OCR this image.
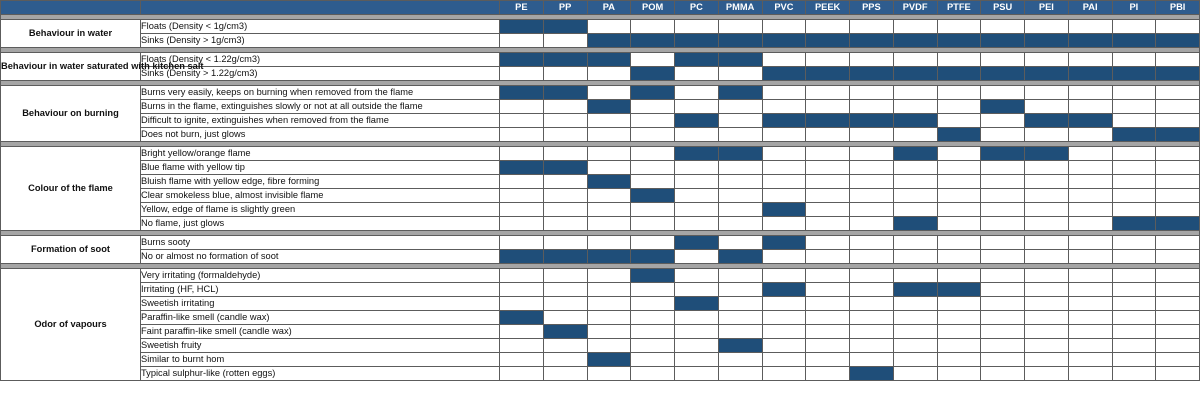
		PE	PP	PA	POM	PC	PMMA	PVC	PEEK	PPS	PVDF	PTFE	PSU	PEI	PAI	PI	PBI

Behaviour in water	Floats (Density < 1g/cm3)																
	Sinks (Density > 1g/cm3)																

Behaviour in water saturated with kitchen salt	Floats (Density < 1.22g/cm3)																
	Sinks (Density > 1.22g/cm3)																

Behaviour on burning	Burns very easily, keeps on burning when removed from the flame																
	Burns in the flame, extinguishes slowly or not at all outside the flame																
	Difficult to ignite, extinguishes when removed from the flame																
	Does not burn, just glows																

Colour of the flame	Bright yellow/orange flame																
	Blue flame with yellow tip																
	Bluish flame with yellow edge, fibre forming																
	Clear smokeless blue, almost invisible flame																
	Yellow, edge of flame is slightly green																
	No flame, just glows																

Formation of soot	Burns sooty																
	No or almost no formation of soot																

Odor of vapours	Very irritating (formaldehyde)																
	Irritating (HF, HCL)																
	Sweetish irritating																
	Paraffin-like smell (candle wax)																
	Faint paraffin-like smell (candle wax)																
	Sweetish fruity																
	Similar to burnt hom																
	Typical sulphur-like (rotten eggs)																
